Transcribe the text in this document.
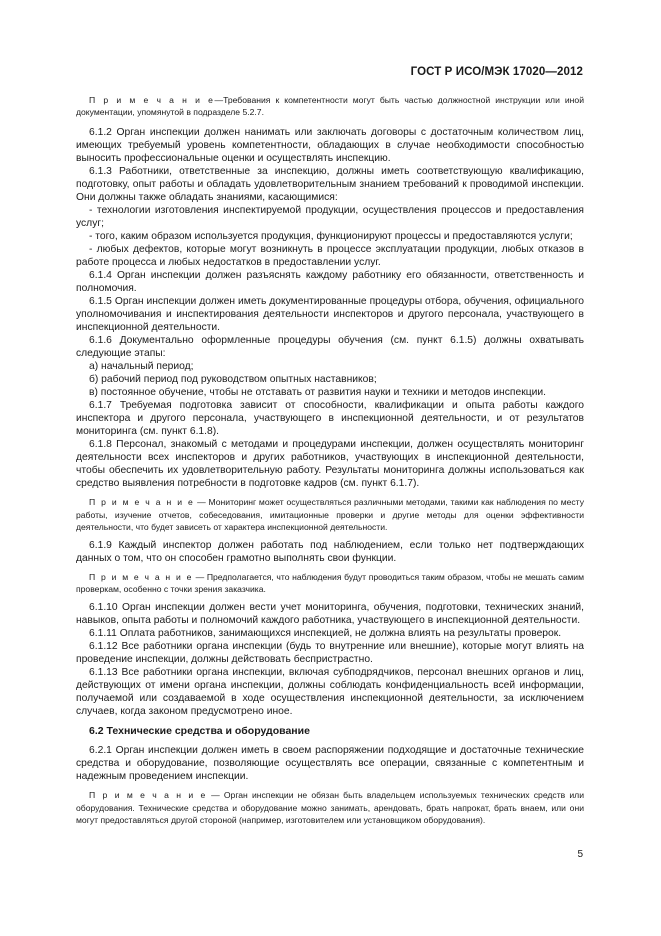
ГОСТ Р ИСО/МЭК 17020—2012

П р и м е ч а н и е—Требования к компетентности могут быть частью должностной инструкции или иной документации, упомянутой в подразделе 5.2.7.

6.1.2 Орган инспекции должен нанимать или заключать договоры с достаточным количеством лиц, имеющих требуемый уровень компетентности, обладающих в случае необходимости способностью выносить профессиональные оценки и осуществлять инспекцию.

6.1.3 Работники, ответственные за инспекцию, должны иметь соответствующую квалификацию, подготовку, опыт работы и обладать удовлетворительным знанием требований к проводимой инспекции. Они должны также обладать знаниями, касающимися:

- технологии изготовления инспектируемой продукции, осуществления процессов и предоставления услуг;

- того, каким образом используется продукция, функционируют процессы и предоставляются услуги;

- любых дефектов, которые могут возникнуть в процессе эксплуатации продукции, любых отказов в работе процесса и любых недостатков в предоставлении услуг.

6.1.4 Орган инспекции должен разъяснять каждому работнику его обязанности, ответственность и полномочия.

6.1.5 Орган инспекции должен иметь документированные процедуры отбора, обучения, официального уполномочивания и инспектирования деятельности инспекторов и другого персонала, участвующего в инспекционной деятельности.

6.1.6 Документально оформленные процедуры обучения (см. пункт 6.1.5) должны охватывать следующие этапы:

а) начальный период;

б) рабочий период под руководством опытных наставников;

в) постоянное обучение, чтобы не отставать от развития науки и техники и методов инспекции.

6.1.7 Требуемая подготовка зависит от способности, квалификации и опыта работы каждого инспектора и другого персонала, участвующего в инспекционной деятельности, и от результатов мониторинга (см. пункт 6.1.8).

6.1.8 Персонал, знакомый с методами и процедурами инспекции, должен осуществлять мониторинг деятельности всех инспекторов и других работников, участвующих в инспекционной деятельности, чтобы обеспечить их удовлетворительную работу. Результаты мониторинга должны использоваться как средство выявления потребности в подготовке кадров (см. пункт 6.1.7).

П р и м е ч а н и е — Мониторинг может осуществляться различными методами, такими как наблюдения по месту работы, изучение отчетов, собеседования, имитационные проверки и другие методы для оценки эффективности деятельности, что будет зависеть от характера инспекционной деятельности.

6.1.9 Каждый инспектор должен работать под наблюдением, если только нет подтверждающих данных о том, что он способен грамотно выполнять свои функции.

П р и м е ч а н и е — Предполагается, что наблюдения будут проводиться таким образом, чтобы не мешать самим проверкам, особенно с точки зрения заказчика.

6.1.10 Орган инспекции должен вести учет мониторинга, обучения, подготовки, технических знаний, навыков, опыта работы и полномочий каждого работника, участвующего в инспекционной деятельности.

6.1.11 Оплата работников, занимающихся инспекцией, не должна влиять на результаты проверок.

6.1.12 Все работники органа инспекции (будь то внутренние или внешние), которые могут влиять на проведение инспекции, должны действовать беспристрастно.

6.1.13 Все работники органа инспекции, включая субподрядчиков, персонал внешних органов и лиц, действующих от имени органа инспекции, должны соблюдать конфиденциальность всей информации, получаемой или создаваемой в ходе осуществления инспекционной деятельности, за исключением случаев, когда законом предусмотрено иное.

6.2 Технические средства и оборудование

6.2.1 Орган инспекции должен иметь в своем распоряжении подходящие и достаточные технические средства и оборудование, позволяющие осуществлять все операции, связанные с компетентным и надежным проведением инспекции.

П р и м е ч а н и е — Орган инспекции не обязан быть владельцем используемых технических средств или оборудования. Технические средства и оборудование можно занимать, арендовать, брать напрокат, брать внаем, или они могут предоставляться другой стороной (например, изготовителем или установщиком оборудования).

5
